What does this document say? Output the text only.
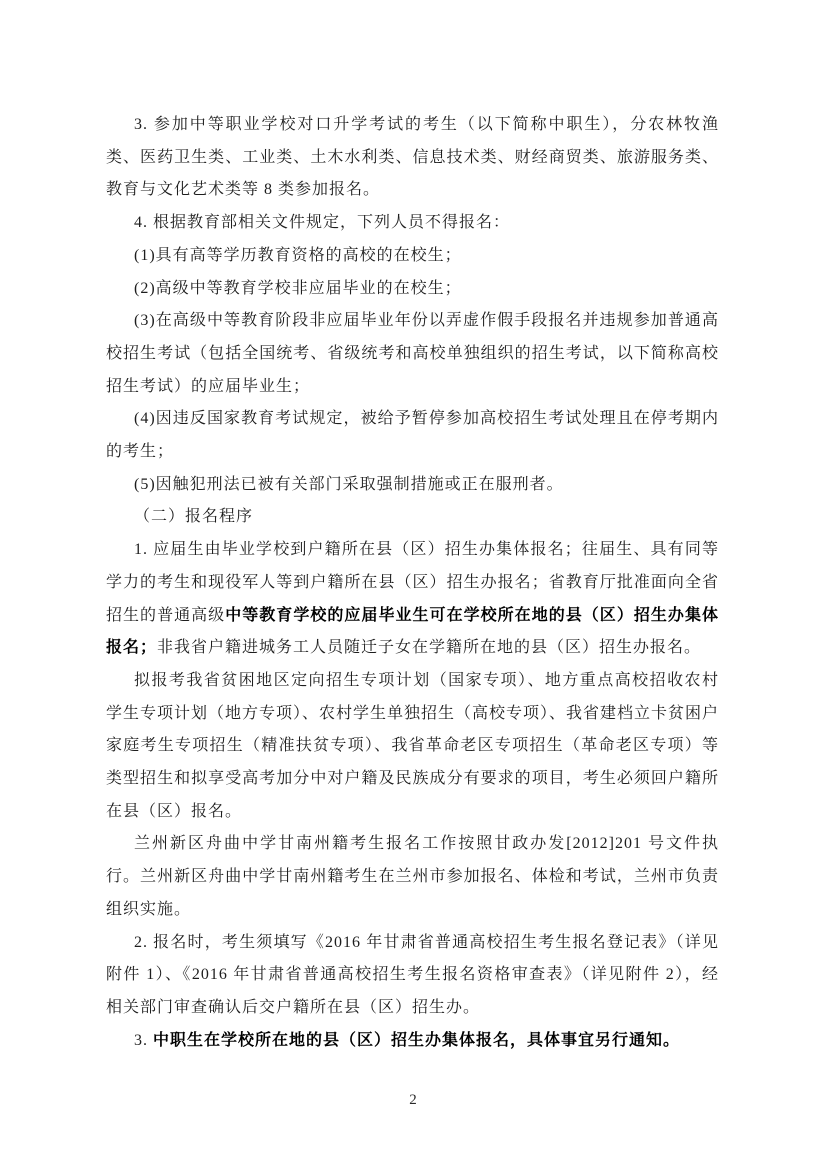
3. 参加中等职业学校对口升学考试的考生（以下简称中职生），分农林牧渔类、医药卫生类、工业类、土木水利类、信息技术类、财经商贸类、旅游服务类、教育与文化艺术类等 8 类参加报名。

4. 根据教育部相关文件规定，下列人员不得报名：

(1)具有高等学历教育资格的高校的在校生；

(2)高级中等教育学校非应届毕业的在校生；

(3)在高级中等教育阶段非应届毕业年份以弄虚作假手段报名并违规参加普通高校招生考试（包括全国统考、省级统考和高校单独组织的招生考试，以下简称高校招生考试）的应届毕业生；

(4)因违反国家教育考试规定，被给予暂停参加高校招生考试处理且在停考期内的考生；

(5)因触犯刑法已被有关部门采取强制措施或正在服刑者。

（二）报名程序

1. 应届生由毕业学校到户籍所在县（区）招生办集体报名；往届生、具有同等学力的考生和现役军人等到户籍所在县（区）招生办报名；省教育厅批准面向全省招生的普通高级中等教育学校的应届毕业生可在学校所在地的县（区）招生办集体报名；非我省户籍进城务工人员随迁子女在学籍所在地的县（区）招生办报名。

拟报考我省贫困地区定向招生专项计划（国家专项）、地方重点高校招收农村学生专项计划（地方专项）、农村学生单独招生（高校专项）、我省建档立卡贫困户家庭考生专项招生（精准扶贫专项）、我省革命老区专项招生（革命老区专项）等类型招生和拟享受高考加分中对户籍及民族成分有要求的项目，考生必须回户籍所在县（区）报名。

兰州新区舟曲中学甘南州籍考生报名工作按照甘政办发[2012]201 号文件执行。兰州新区舟曲中学甘南州籍考生在兰州市参加报名、体检和考试，兰州市负责组织实施。

2. 报名时，考生须填写《2016 年甘肃省普通高校招生考生报名登记表》（详见附件 1）、《2016 年甘肃省普通高校招生考生报名资格审查表》（详见附件 2），经相关部门审查确认后交户籍所在县（区）招生办。

3. 中职生在学校所在地的县（区）招生办集体报名，具体事宜另行通知。

2
